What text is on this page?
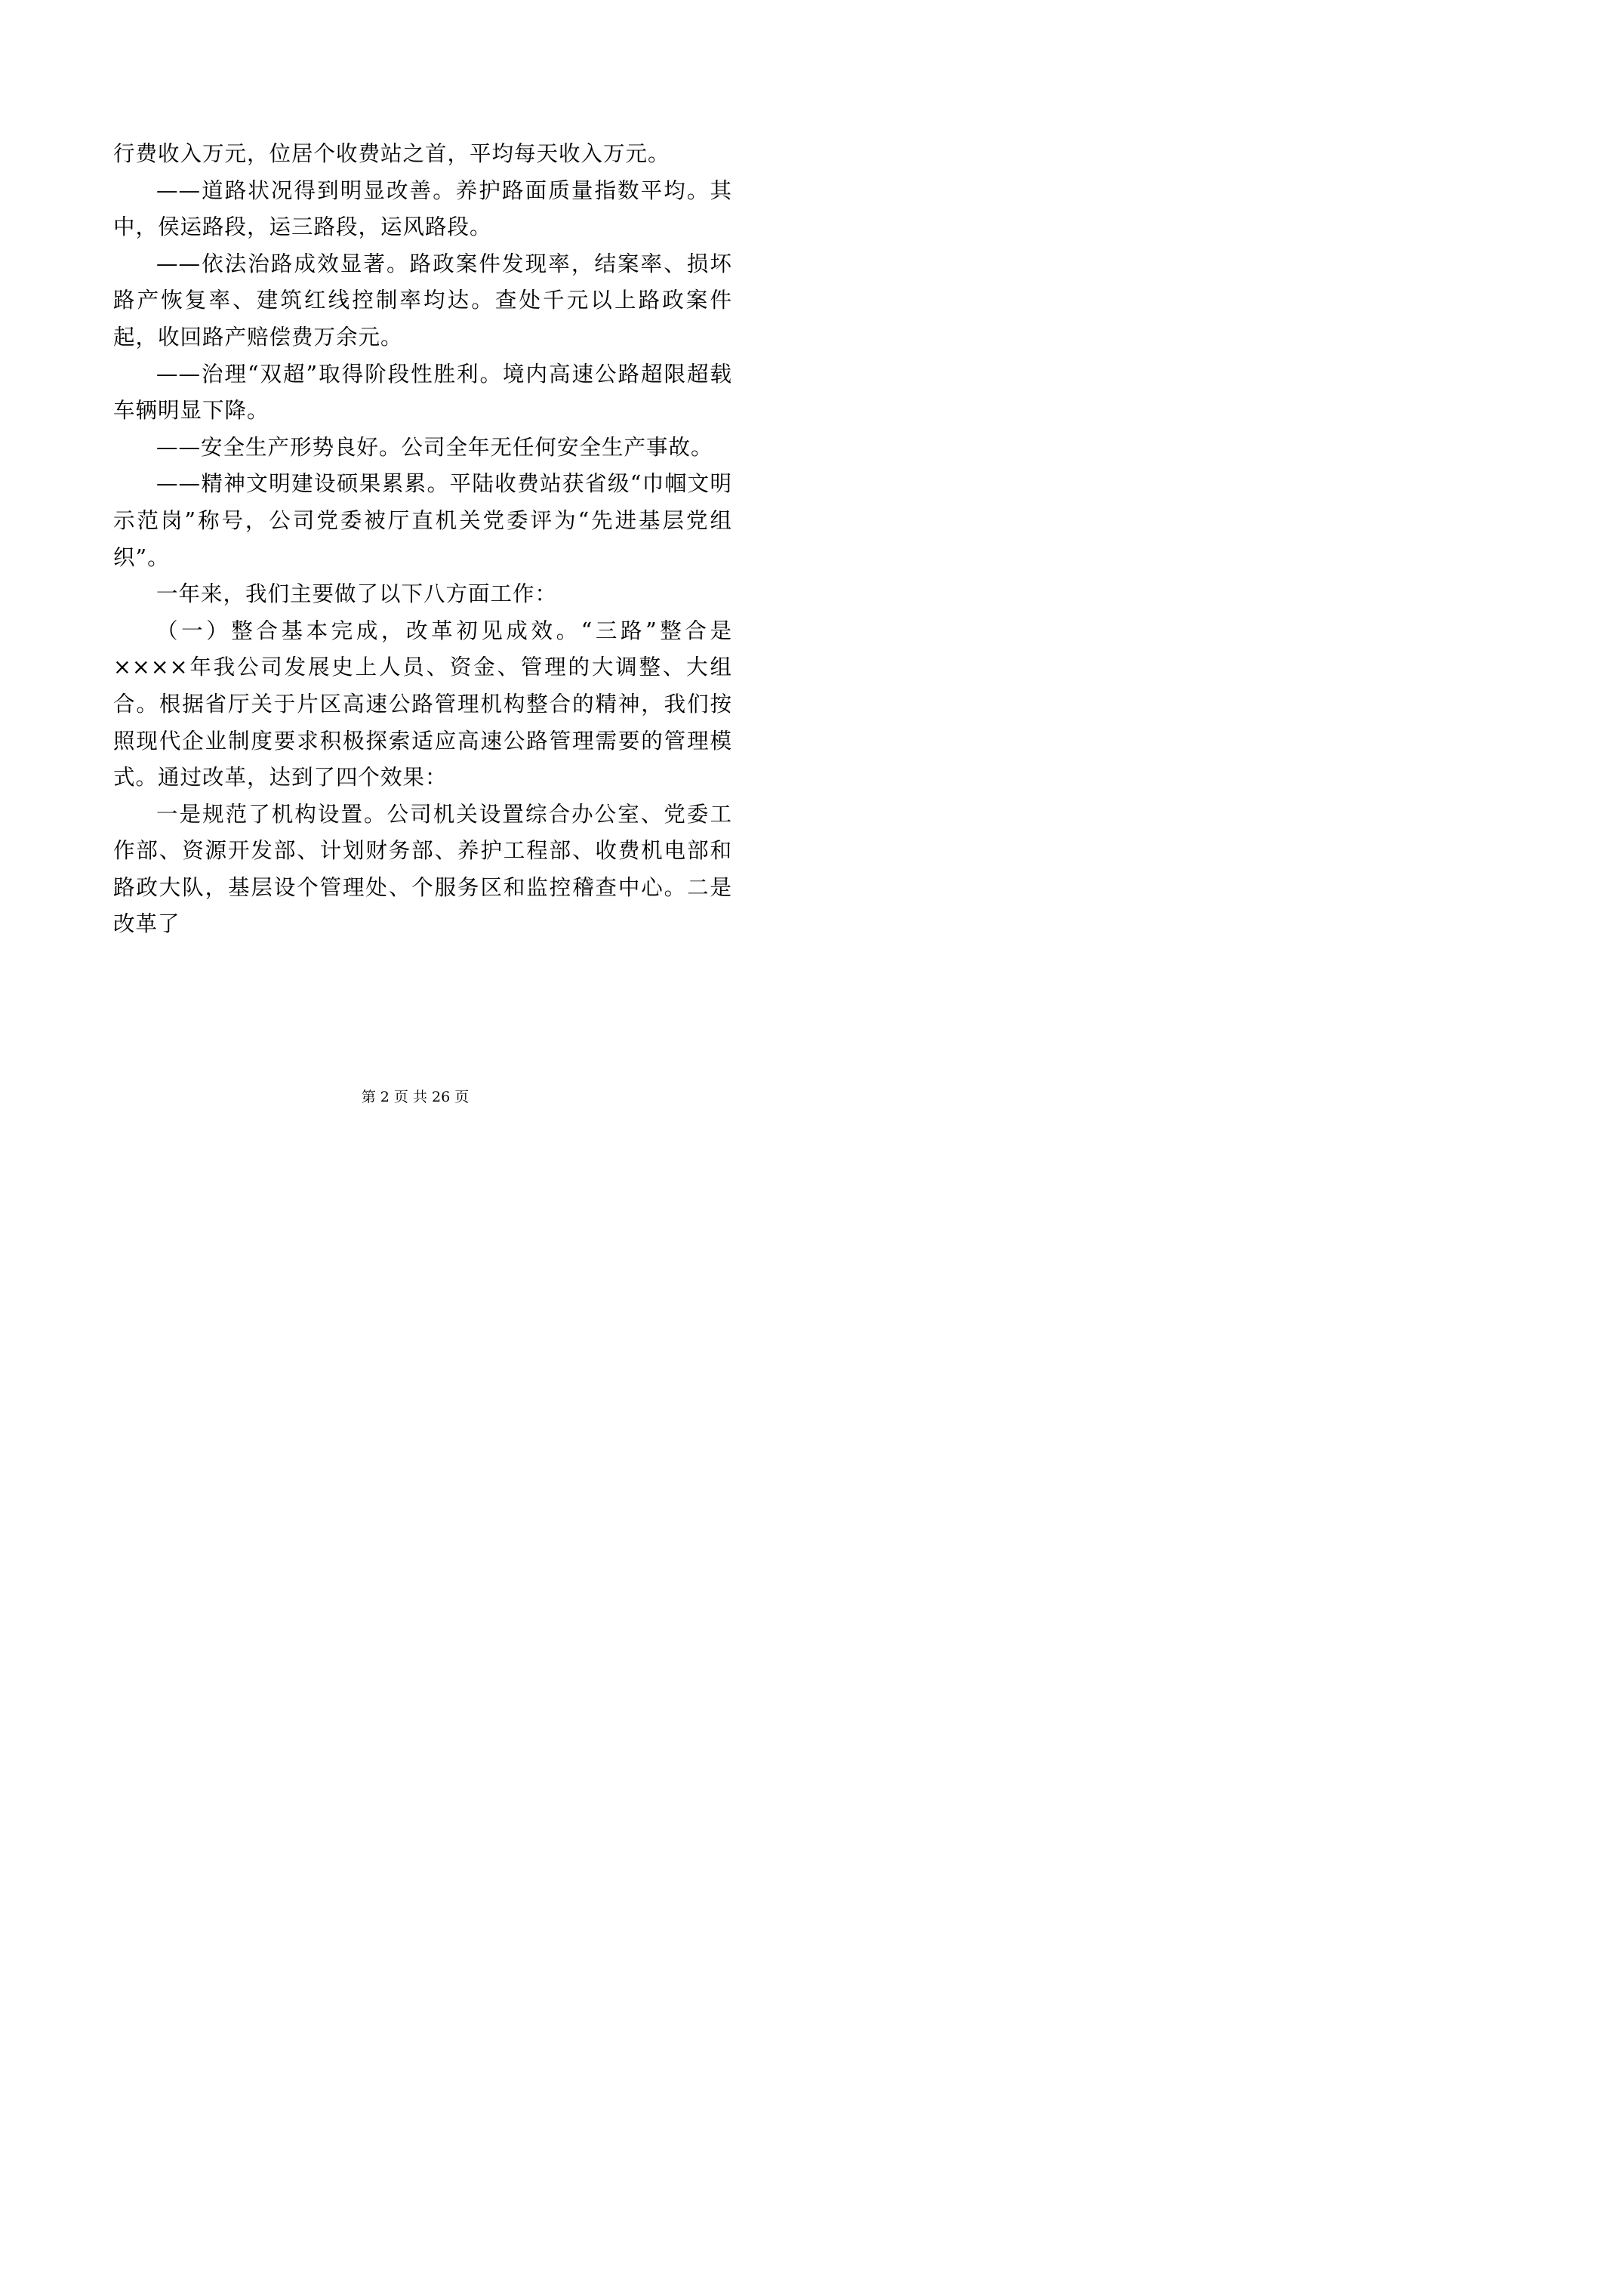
行费收入万元，位居个收费站之首，平均每天收入万元。

——道路状况得到明显改善。养护路面质量指数平均。其中，侯运路段，运三路段，运风路段。

——依法治路成效显著。路政案件发现率，结案率、损坏路产恢复率、建筑红线控制率均达。查处千元以上路政案件起，收回路产赔偿费万余元。

——治理“双超”取得阶段性胜利。境内高速公路超限超载车辆明显下降。

——安全生产形势良好。公司全年无任何安全生产事故。

——精神文明建设硕果累累。平陆收费站获省级“巾帼文明示范岗”称号，公司党委被厅直机关党委评为“先进基层党组织”。

一年来，我们主要做了以下八方面工作：

（一）整合基本完成，改革初见成效。“三路”整合是××××年我公司发展史上人员、资金、管理的大调整、大组合。根据省厅关于片区高速公路管理机构整合的精神，我们按照现代企业制度要求积极探索适应高速公路管理需要的管理模式。通过改革，达到了四个效果：

一是规范了机构设置。公司机关设置综合办公室、党委工作部、资源开发部、计划财务部、养护工程部、收费机电部和路政大队，基层设个管理处、个服务区和监控稽查中心。二是改革了

第 2 页 共 26 页
